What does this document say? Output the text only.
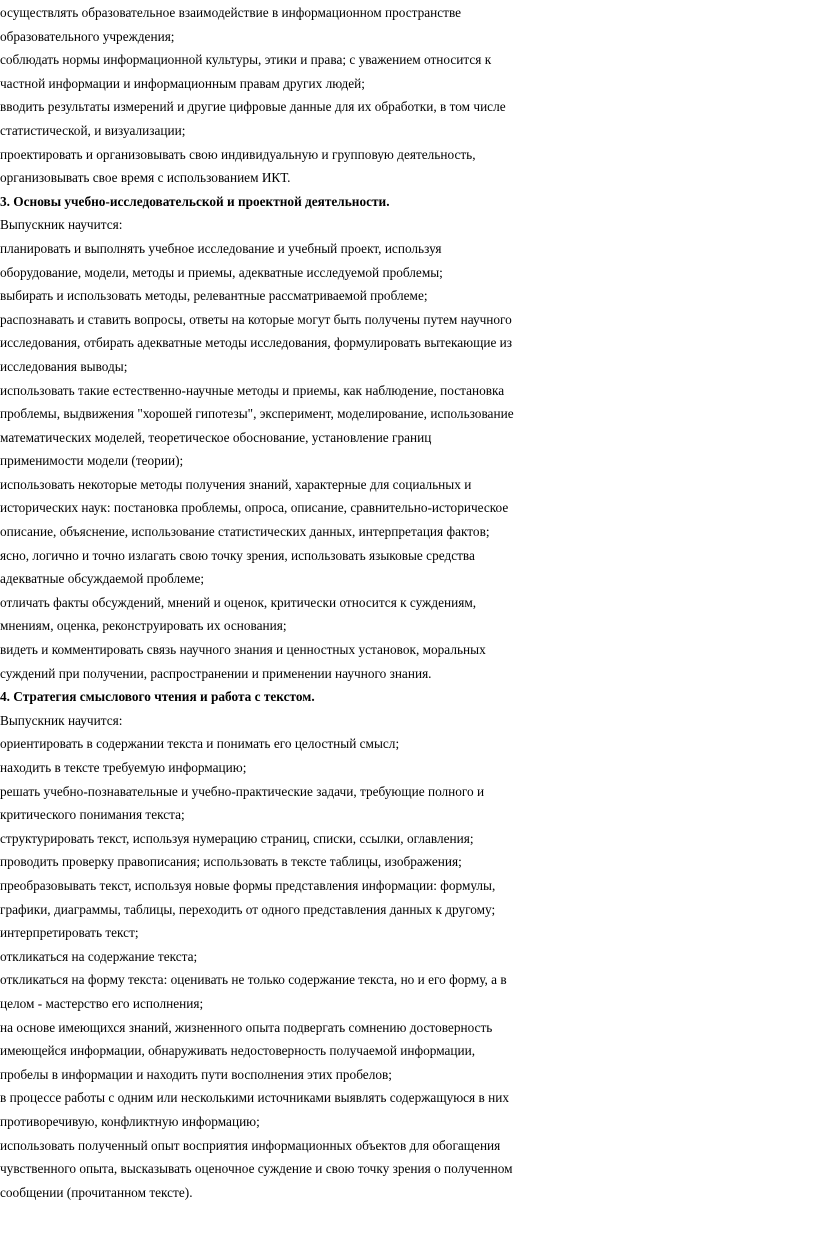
осуществлять образовательное взаимодействие в информационном пространстве
образовательного учреждения;
соблюдать нормы информационной культуры, этики и права; с уважением относится к
частной информации и информационным правам других людей;
вводить результаты измерений и другие цифровые данные для их обработки, в том числе
статистической, и визуализации;
проектировать и организовывать свою индивидуальную и групповую деятельность,
организовывать свое время с использованием ИКТ.
3. Основы учебно-исследовательской и проектной деятельности.
Выпускник научится:
планировать и выполнять учебное исследование и учебный проект, используя
оборудование, модели, методы и приемы, адекватные исследуемой проблемы;
выбирать и использовать методы, релевантные рассматриваемой проблеме;
распознавать и ставить вопросы, ответы на которые могут быть получены путем научного
исследования, отбирать адекватные методы исследования, формулировать вытекающие из
исследования выводы;
использовать такие естественно-научные методы и приемы, как наблюдение, постановка
проблемы, выдвижения "хорошей гипотезы", эксперимент, моделирование, использование
математических моделей, теоретическое обоснование, установление границ
применимости модели (теории);
использовать некоторые методы получения знаний, характерные для социальных и
исторических наук: постановка проблемы, опроса, описание, сравнительно-историческое
описание, объяснение, использование статистических данных, интерпретация фактов;
ясно, логично и точно излагать свою точку зрения, использовать языковые средства
адекватные обсуждаемой проблеме;
отличать факты обсуждений, мнений и оценок, критически относится к суждениям,
мнениям, оценка, реконструировать их основания;
видеть и комментировать связь научного знания и ценностных установок, моральных
суждений при получении, распространении и применении научного знания.
4. Стратегия смыслового чтения и работа с текстом.
Выпускник научится:
ориентировать в содержании текста и понимать его целостный смысл;
находить в тексте требуемую информацию;
решать учебно-познавательные и учебно-практические задачи, требующие полного и
критического понимания текста;
структурировать текст, используя нумерацию страниц, списки, ссылки, оглавления;
проводить проверку правописания; использовать в тексте таблицы, изображения;
преобразовывать текст, используя новые формы представления информации: формулы,
графики, диаграммы, таблицы, переходить от одного представления данных к другому;
интерпретировать текст;
откликаться на содержание текста;
откликаться на форму текста: оценивать не только содержание текста, но и его форму, а в
целом - мастерство его исполнения;
на основе имеющихся знаний, жизненного опыта подвергать сомнению достоверность
имеющейся информации, обнаруживать недостоверность получаемой информации,
пробелы в информации и находить пути восполнения этих пробелов;
в процессе работы с одним или несколькими источниками выявлять содержащуюся в них
противоречивую, конфликтную информацию;
использовать полученный опыт восприятия информационных объектов для обогащения
чувственного опыта, высказывать оценочное суждение и свою точку зрения о полученном
сообщении (прочитанном тексте).
